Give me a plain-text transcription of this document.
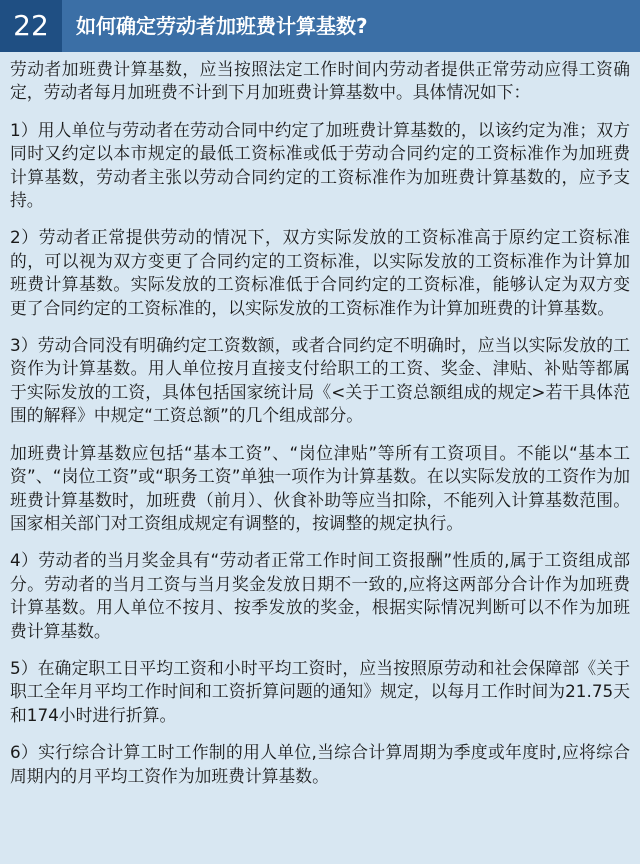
22	如何确定劳动者加班费计算基数?

劳动者加班费计算基数，应当按照法定工作时间内劳动者提供正常劳动应得工资确定，劳动者每月加班费不计到下月加班费计算基数中。具体情况如下：

1）用人单位与劳动者在劳动合同中约定了加班费计算基数的，以该约定为准；双方同时又约定以本市规定的最低工资标准或低于劳动合同约定的工资标准作为加班费计算基数，劳动者主张以劳动合同约定的工资标准作为加班费计算基数的，应予支持。

2）劳动者正常提供劳动的情况下，双方实际发放的工资标准高于原约定工资标准的，可以视为双方变更了合同约定的工资标准，以实际发放的工资标准作为计算加班费计算基数。实际发放的工资标准低于合同约定的工资标准，能够认定为双方变更了合同约定的工资标准的，以实际发放的工资标准作为计算加班费的计算基数。

3）劳动合同没有明确约定工资数额，或者合同约定不明确时，应当以实际发放的工资作为计算基数。用人单位按月直接支付给职工的工资、奖金、津贴、补贴等都属于实际发放的工资，具体包括国家统计局《<关于工资总额组成的规定>若干具体范围的解释》中规定“工资总额”的几个组成部分。

加班费计算基数应包括“基本工资”、“岗位津贴”等所有工资项目。不能以“基本工资”、“岗位工资”或“职务工资”单独一项作为计算基数。在以实际发放的工资作为加班费计算基数时，加班费（前月）、伙食补助等应当扣除，不能列入计算基数范围。国家相关部门对工资组成规定有调整的，按调整的规定执行。

4）劳动者的当月奖金具有“劳动者正常工作时间工资报酬”性质的,属于工资组成部分。劳动者的当月工资与当月奖金发放日期不一致的,应将这两部分合计作为加班费计算基数。用人单位不按月、按季发放的奖金，根据实际情况判断可以不作为加班费计算基数。

5）在确定职工日平均工资和小时平均工资时，应当按照原劳动和社会保障部《关于职工全年月平均工作时间和工资折算问题的通知》规定，以每月工作时间为21.75天和174小时进行折算。

6）实行综合计算工时工作制的用人单位,当综合计算周期为季度或年度时,应将综合周期内的月平均工资作为加班费计算基数。
